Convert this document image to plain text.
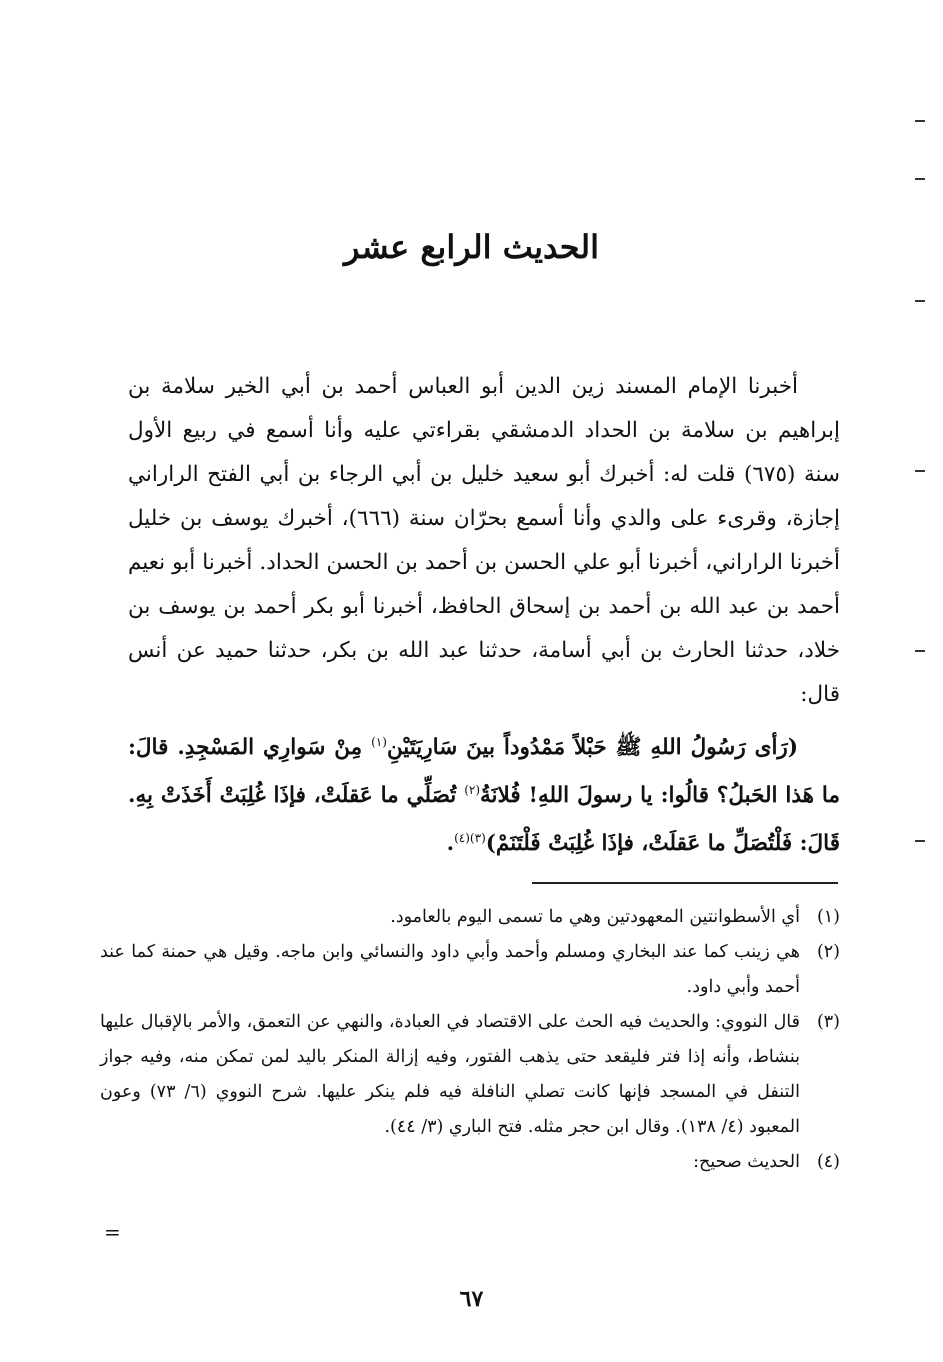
الحديث الرابع عشر

أخبرنا الإمام المسند زين الدين أبو العباس أحمد بن أبي الخير سلامة بن إبراهيم بن سلامة بن الحداد الدمشقي بقراءتي عليه وأنا أسمع في ربيع الأول سنة (٦٧٥) قلت له: أخبرك أبو سعيد خليل بن أبي الرجاء بن أبي الفتح الراراني إجازة، وقرىء على والدي وأنا أسمع بحرّان سنة (٦٦٦)، أخبرك يوسف بن خليل أخبرنا الراراني، أخبرنا أبو علي الحسن بن أحمد بن الحسن الحداد. أخبرنا أبو نعيم أحمد بن عبد الله بن أحمد بن إسحاق الحافظ، أخبرنا أبو بكر أحمد بن يوسف بن خلاد، حدثنا الحارث بن أبي أسامة، حدثنا عبد الله بن بكر، حدثنا حميد عن أنس قال:

(رَأى رَسُولُ اللهِ ﷺ حَبْلاً مَمْدُوداً بينَ سَارِيَتَيْنِ$^{(١)}$ مِنْ سَوارِي المَسْجِدِ. قالَ: ما هَذا الحَبلُ؟ قالُوا: يا رسولَ اللهِ! فُلانَةُ$^{(٢)}$ تُصَلِّي ما عَقلَتْ، فإذَا غُلِبَتْ أَخَذَتْ بِهِ. قَالَ: فَلْتُصَلِّ ما عَقلَتْ، فإذَا غُلِبَتْ فَلْتَنَمْ)$^{(٣)(٤)}$.

(١)
أي الأسطوانتين المعهودتين وهي ما تسمى اليوم بالعامود.
(٢)
هي زينب كما عند البخاري ومسلم وأحمد وأبي داود والنسائي وابن ماجه. وقيل هي حمنة كما عند أحمد وأبي داود.
(٣)
قال النووي: والحديث فيه الحث على الاقتصاد في العبادة، والنهي عن التعمق، والأمر بالإقبال عليها بنشاط، وأنه إذا فتر فليقعد حتى يذهب الفتور، وفيه إزالة المنكر باليد لمن تمكن منه، وفيه جواز التنفل في المسجد فإنها كانت تصلي النافلة فيه فلم ينكر عليها. شرح النووي (٦/ ٧٣) وعون المعبود (٤/ ١٣٨). وقال ابن حجر مثله. فتح الباري (٣/ ٤٤).
(٤)
الحديث صحيح:
=
٦٧
